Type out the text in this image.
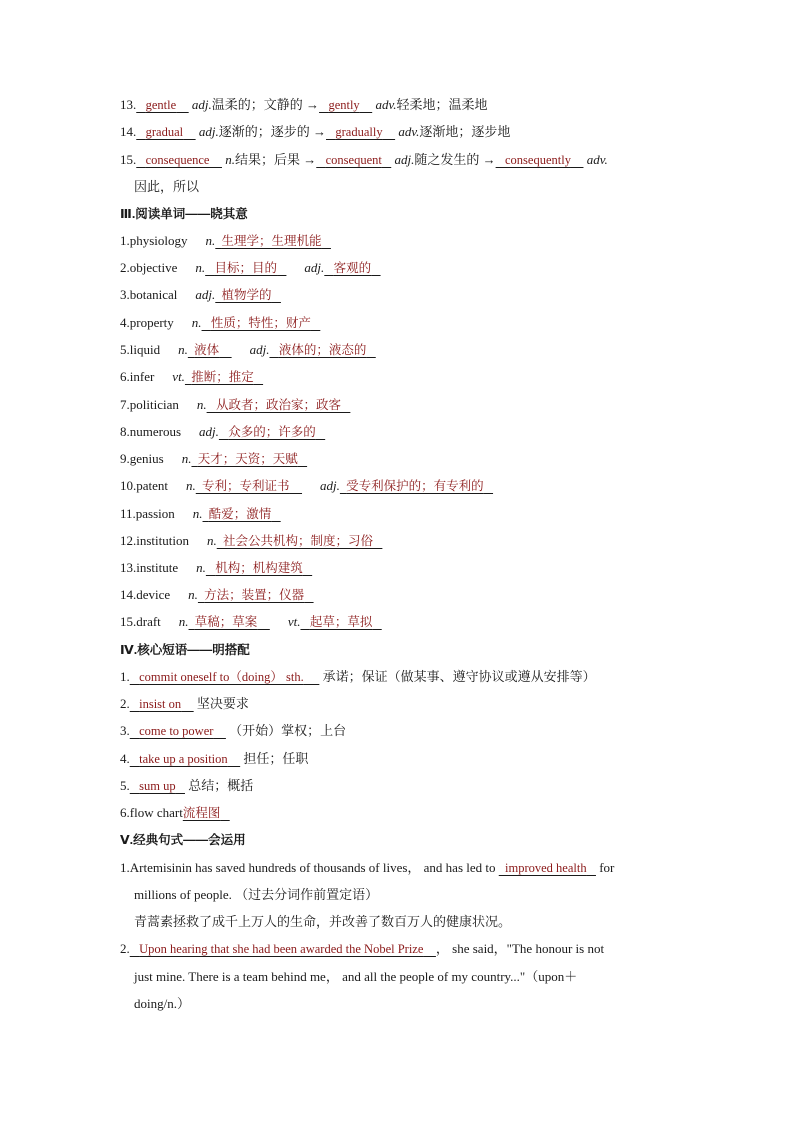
13. gentle adj.温柔的；文静的 → gently adv.轻柔地；温柔地
14. gradual adj.逐渐的；逐步的 → gradually adv.逐渐地；逐步地
15. consequence n.结果；后果 → consequent adj.随之发生的 → consequently adv.
因此，所以
Ⅲ.阅读单词——晓其意
1.physiology n. 生理学；生理机能
2.objective n. 目标；目的 adj. 客观的
3.botanical adj. 植物学的
4.property n. 性质；特性；财产
5.liquid n. 液体 adj. 液体的；液态的
6.infer vt. 推断；推定
7.politician n. 从政者；政治家；政客
8.numerous adj. 众多的；许多的
9.genius n. 天才；天资；天赋
10.patent n. 专利；专利证书 adj. 受专利保护的；有专利的
11.passion n. 酷爱；激情
12.institution n. 社会公共机构；制度；习俗
13.institute n. 机构；机构建筑
14.device n. 方法；装置；仪器
15.draft n. 草稿；草案 vt. 起草；草拟
Ⅳ.核心短语——明搭配
1. commit oneself to（doing） sth. 承诺；保证（做某事、遵守协议或遵从安排等）
2. insist on 坚决要求
3. come to power （开始）掌权；上台
4. take up a position 担任；任职
5. sum up 总结；概括
6.flow chart流程图
Ⅴ.经典句式——会运用
1.Artemisinin has saved hundreds of thousands of lives， and has led to improved health for
millions of people. （过去分词作前置定语）
青蒿素拯救了成千上万人的生命，并改善了数百万人的健康状况。
2. Upon hearing that she had been awarded the Nobel Prize ， she said，"The honour is not
just mine. There is a team behind me， and all the people of my country..."（upon＋
doing/n.）
